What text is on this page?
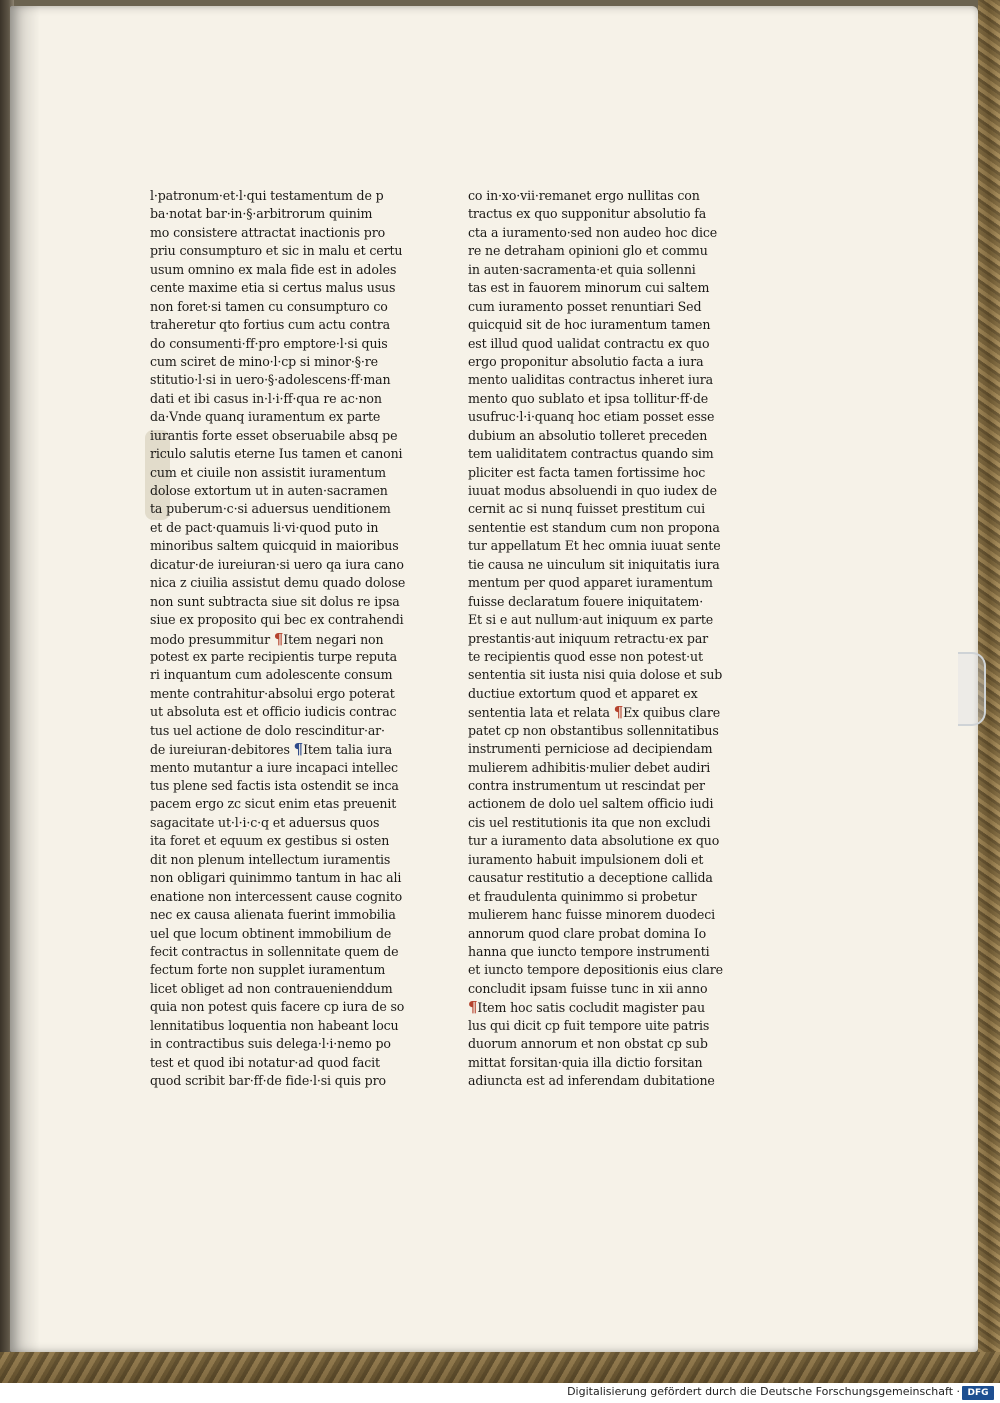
l·patronum·et·l·qui testamentum de p
ba·notat bar·in·§·arbitrorum quinim
mo consistere attractat inactionis pro
priu consumpturo et sic in malu et certu
usum omnino ex mala fide est in adoles
cente maxime etia si certus malus usus
non foret·si tamen cu consumpturo co
traheretur qto fortius cum actu contra
do consumenti·ff·pro emptore·l·si quis
cum sciret de mino·l·cp si minor·§·re
stitutio·l·si in uero·§·adolescens·ff·man
dati et ibi casus in·l·i·ff·qua re ac·non
da·Vnde quanq iuramentum ex parte
iurantis forte esset obseruabile absq pe
riculo salutis eterne Ius tamen et canoni
cum et ciuile non assistit iuramentum
dolose extortum ut in auten·sacramen
ta puberum·c·si aduersus uenditionem
et de pact·quamuis li·vi·quod puto in
minoribus saltem quicquid in maioribus
dicatur·de iureiuran·si uero qa iura cano
nica z ciuilia assistut demu quado dolose
non sunt subtracta siue sit dolus re ipsa
siue ex proposito qui bec ex contrahendi
modo presummitur ¶Item negari non
potest ex parte recipientis turpe reputa
ri inquantum cum adolescente consum
mente contrahitur·absolui ergo poterat
ut absoluta est et officio iudicis contrac
tus uel actione de dolo rescinditur·ar·
de iureiuran·debitores ¶Item talia iura
mento mutantur a iure incapaci intellec
tus plene sed factis ista ostendit se inca
pacem ergo zc sicut enim etas preuenit
sagacitate ut·l·i·c·q et aduersus quos
ita foret et equum ex gestibus si osten
dit non plenum intellectum iuramentis
non obligari quinimmo tantum in hac ali
enatione non intercessent cause cognito
nec ex causa alienata fuerint immobilia
uel que locum obtinent immobilium de
fecit contractus in sollennitate quem de
fectum forte non supplet iuramentum
licet obliget ad non contrauenienddum
quia non potest quis facere cp iura de so
lennitatibus loquentia non habeant locu
in contractibus suis delega·l·i·nemo po
test et quod ibi notatur·ad quod facit
quod scribit bar·ff·de fide·l·si quis pro
co in·xo·vii·remanet ergo nullitas con
tractus ex quo supponitur absolutio fa
cta a iuramento·sed non audeo hoc dice
re ne detraham opinioni glo et commu
in auten·sacramenta·et quia sollenni
tas est in fauorem minorum cui saltem
cum iuramento posset renuntiari Sed
quicquid sit de hoc iuramentum tamen
est illud quod ualidat contractu ex quo
ergo proponitur absolutio facta a iura
mento ualiditas contractus inheret iura
mento quo sublato et ipsa tollitur·ff·de
usufruc·l·i·quanq hoc etiam posset esse
dubium an absolutio tolleret preceden
tem ualiditatem contractus quando sim
pliciter est facta tamen fortissime hoc
iuuat modus absoluendi in quo iudex de
cernit ac si nunq fuisset prestitum cui
sententie est standum cum non propona
tur appellatum Et hec omnia iuuat sente
tie causa ne uinculum sit iniquitatis iura
mentum per quod apparet iuramentum
fuisse declaratum fouere iniquitatem·
Et si e aut nullum·aut iniquum ex parte
prestantis·aut iniquum retractu·ex par
te recipientis quod esse non potest·ut
sententia sit iusta nisi quia dolose et sub
ductiue extortum quod et apparet ex
sententia lata et relata ¶Ex quibus clare
patet cp non obstantibus sollennitatibus
instrumenti perniciose ad decipiendam
mulierem adhibitis·mulier debet audiri
contra instrumentum ut rescindat per
actionem de dolo uel saltem officio iudi
cis uel restitutionis ita que non excludi
tur a iuramento data absolutione ex quo
iuramento habuit impulsionem doli et
causatur restitutio a deceptione callida
et fraudulenta quinimmo si probetur
mulierem hanc fuisse minorem duodeci
annorum quod clare probat domina Io
hanna que iuncto tempore instrumenti
et iuncto tempore depositionis eius clare
concludit ipsam fuisse tunc in xii anno
¶Item hoc satis cocludit magister pau
lus qui dicit cp fuit tempore uite patris
duorum annorum et non obstat cp sub
mittat forsitan·quia illa dictio forsitan
adiuncta est ad inferendam dubitatione
Digitalisierung gefördert durch die Deutsche Forschungsgemeinschaft · DFG
